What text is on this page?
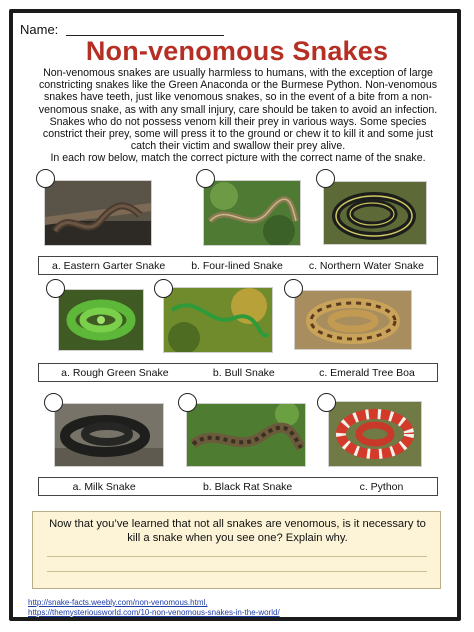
Name:
Non-venomous Snakes

Non-venomous snakes are usually harmless to humans, with the exception of large constricting snakes like the Green Anaconda or the Burmese Python. Non-venomous snakes have teeth, just like venomous snakes, so in the event of a bite from a non-venomous snake, as with any small injury, care should be taken to avoid an infection. Snakes who do not possess venom kill their prey in various ways. Some species constrict their prey, some will press it to the ground or chew it to kill it and some just catch their victim and swallow their prey alive.

In each row below, match the correct picture with the correct name of the snake.

a. Eastern Garter Snake b. Four-lined Snake c. Northern Water Snake
a. Rough Green Snake	b. Bull Snake	c. Emerald Tree Boa
a. Milk Snake	b. Black Rat Snake	c. Python
Now that you’ve learned that not all snakes are venomous, is it necessary to
kill a snake when you see one? Explain why.
http://snake-facts.weebly.com/non-venomous.html,
https://themysteriousworld.com/10-non-venomous-snakes-in-the-world/
